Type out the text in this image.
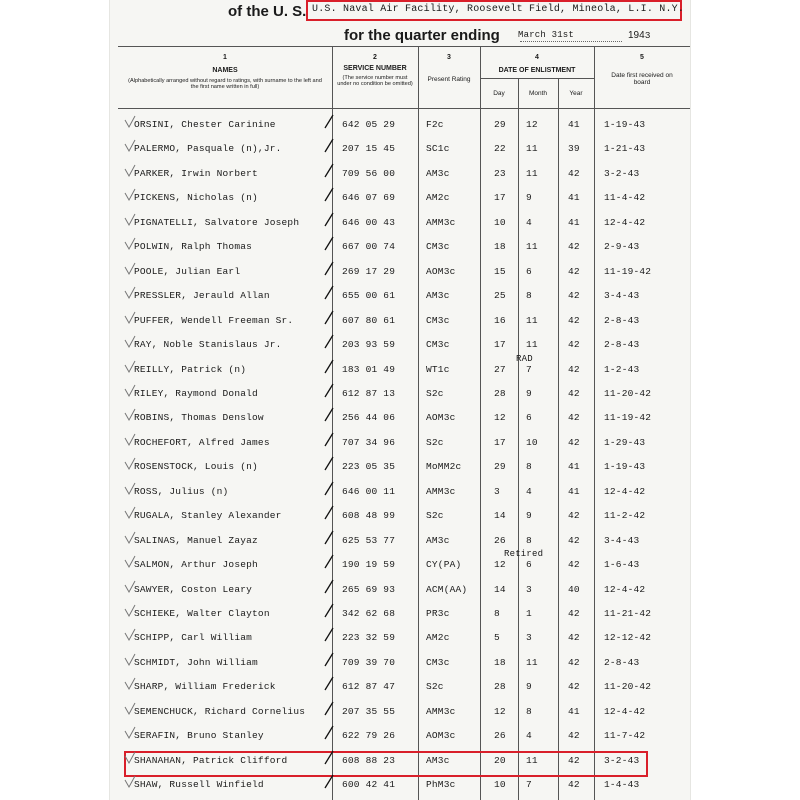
of the U. S. U.S. Naval Air Facility, Roosevelt Field, Mineola, L.I. N.Y.
for the quarter ending March 31st	1943
1
NAMES
(Alphabetically arranged without regard to ratings, with surname to the left and the first name written in full)
2
SERVICE NUMBER
(The service number must under no condition be omitted)
3
Present Rating
4
DATE OF ENLISTMENT
Day	Month	Year
5
Date first received on board
RAD
Retired
ORSINI, Chester Carinine	642 05 29	F2c	29 12	41	1-19-43
PALERMO, Pasquale (n),Jr.	207 15 45	SC1c	22 11	39	1-21-43
PARKER, Irwin Norbert	709 56 00	AM3c	23 11	42	3-2-43
PICKENS, Nicholas (n)	646 07 69	AM2c	17 9	41	11-4-42
PIGNATELLI, Salvatore Joseph	646 00 43	AMM3c	10 4	41	12-4-42
POLWIN, Ralph Thomas	667 00 74	CM3c	18 11	42	2-9-43
POOLE, Julian Earl	269 17 29	AOM3c	15 6	42	11-19-42
PRESSLER, Jerauld Allan	655 00 61	AM3c	25 8	42	3-4-43
PUFFER, Wendell Freeman Sr.	607 80 61	CM3c	16 11	42	2-8-43
RAY, Noble Stanislaus Jr.	203 93 59	CM3c	17 11	42	2-8-43
REILLY, Patrick (n)	183 01 49	WT1c	27 7	42	1-2-43
RILEY, Raymond Donald	612 87 13	S2c	28 9	42	11-20-42
ROBINS, Thomas Denslow	256 44 06	AOM3c	12 6	42	11-19-42
ROCHEFORT, Alfred James	707 34 96	S2c	17 10	42	1-29-43
ROSENSTOCK, Louis (n)	223 05 35	MoMM2c	29 8	41	1-19-43
ROSS, Julius (n)	646 00 11	AMM3c	3	4	41	12-4-42
RUGALA, Stanley Alexander	608 48 99	S2c	14 9	42	11-2-42
SALINAS, Manuel Zayaz	625 53 77	AM3c	26 8	42	3-4-43
SALMON, Arthur Joseph	190 19 59	CY(PA)	12 6	42	1-6-43
SAWYER, Coston Leary	265 69 93	ACM(AA)	14 3	40	12-4-42
SCHIEKE, Walter Clayton	342 62 68	PR3c	8	1	42	11-21-42
SCHIPP, Carl William	223 32 59	AM2c	5	3	42	12-12-42
SCHMIDT, John William	709 39 70	CM3c	18 11	42	2-8-43
SHARP, William Frederick	612 87 47	S2c	28 9	42	11-20-42
SEMENCHUCK, Richard Cornelius	207 35 55	AMM3c	12 8	41	12-4-42
SERAFIN, Bruno Stanley	622 79 26	AOM3c	26 4	42	11-7-42
SHANAHAN, Patrick Clifford	608 88 23	AM3c	20 11	42	3-2-43
SHAW, Russell Winfield	600 42 41	PhM3c	10 7	42	1-4-43
